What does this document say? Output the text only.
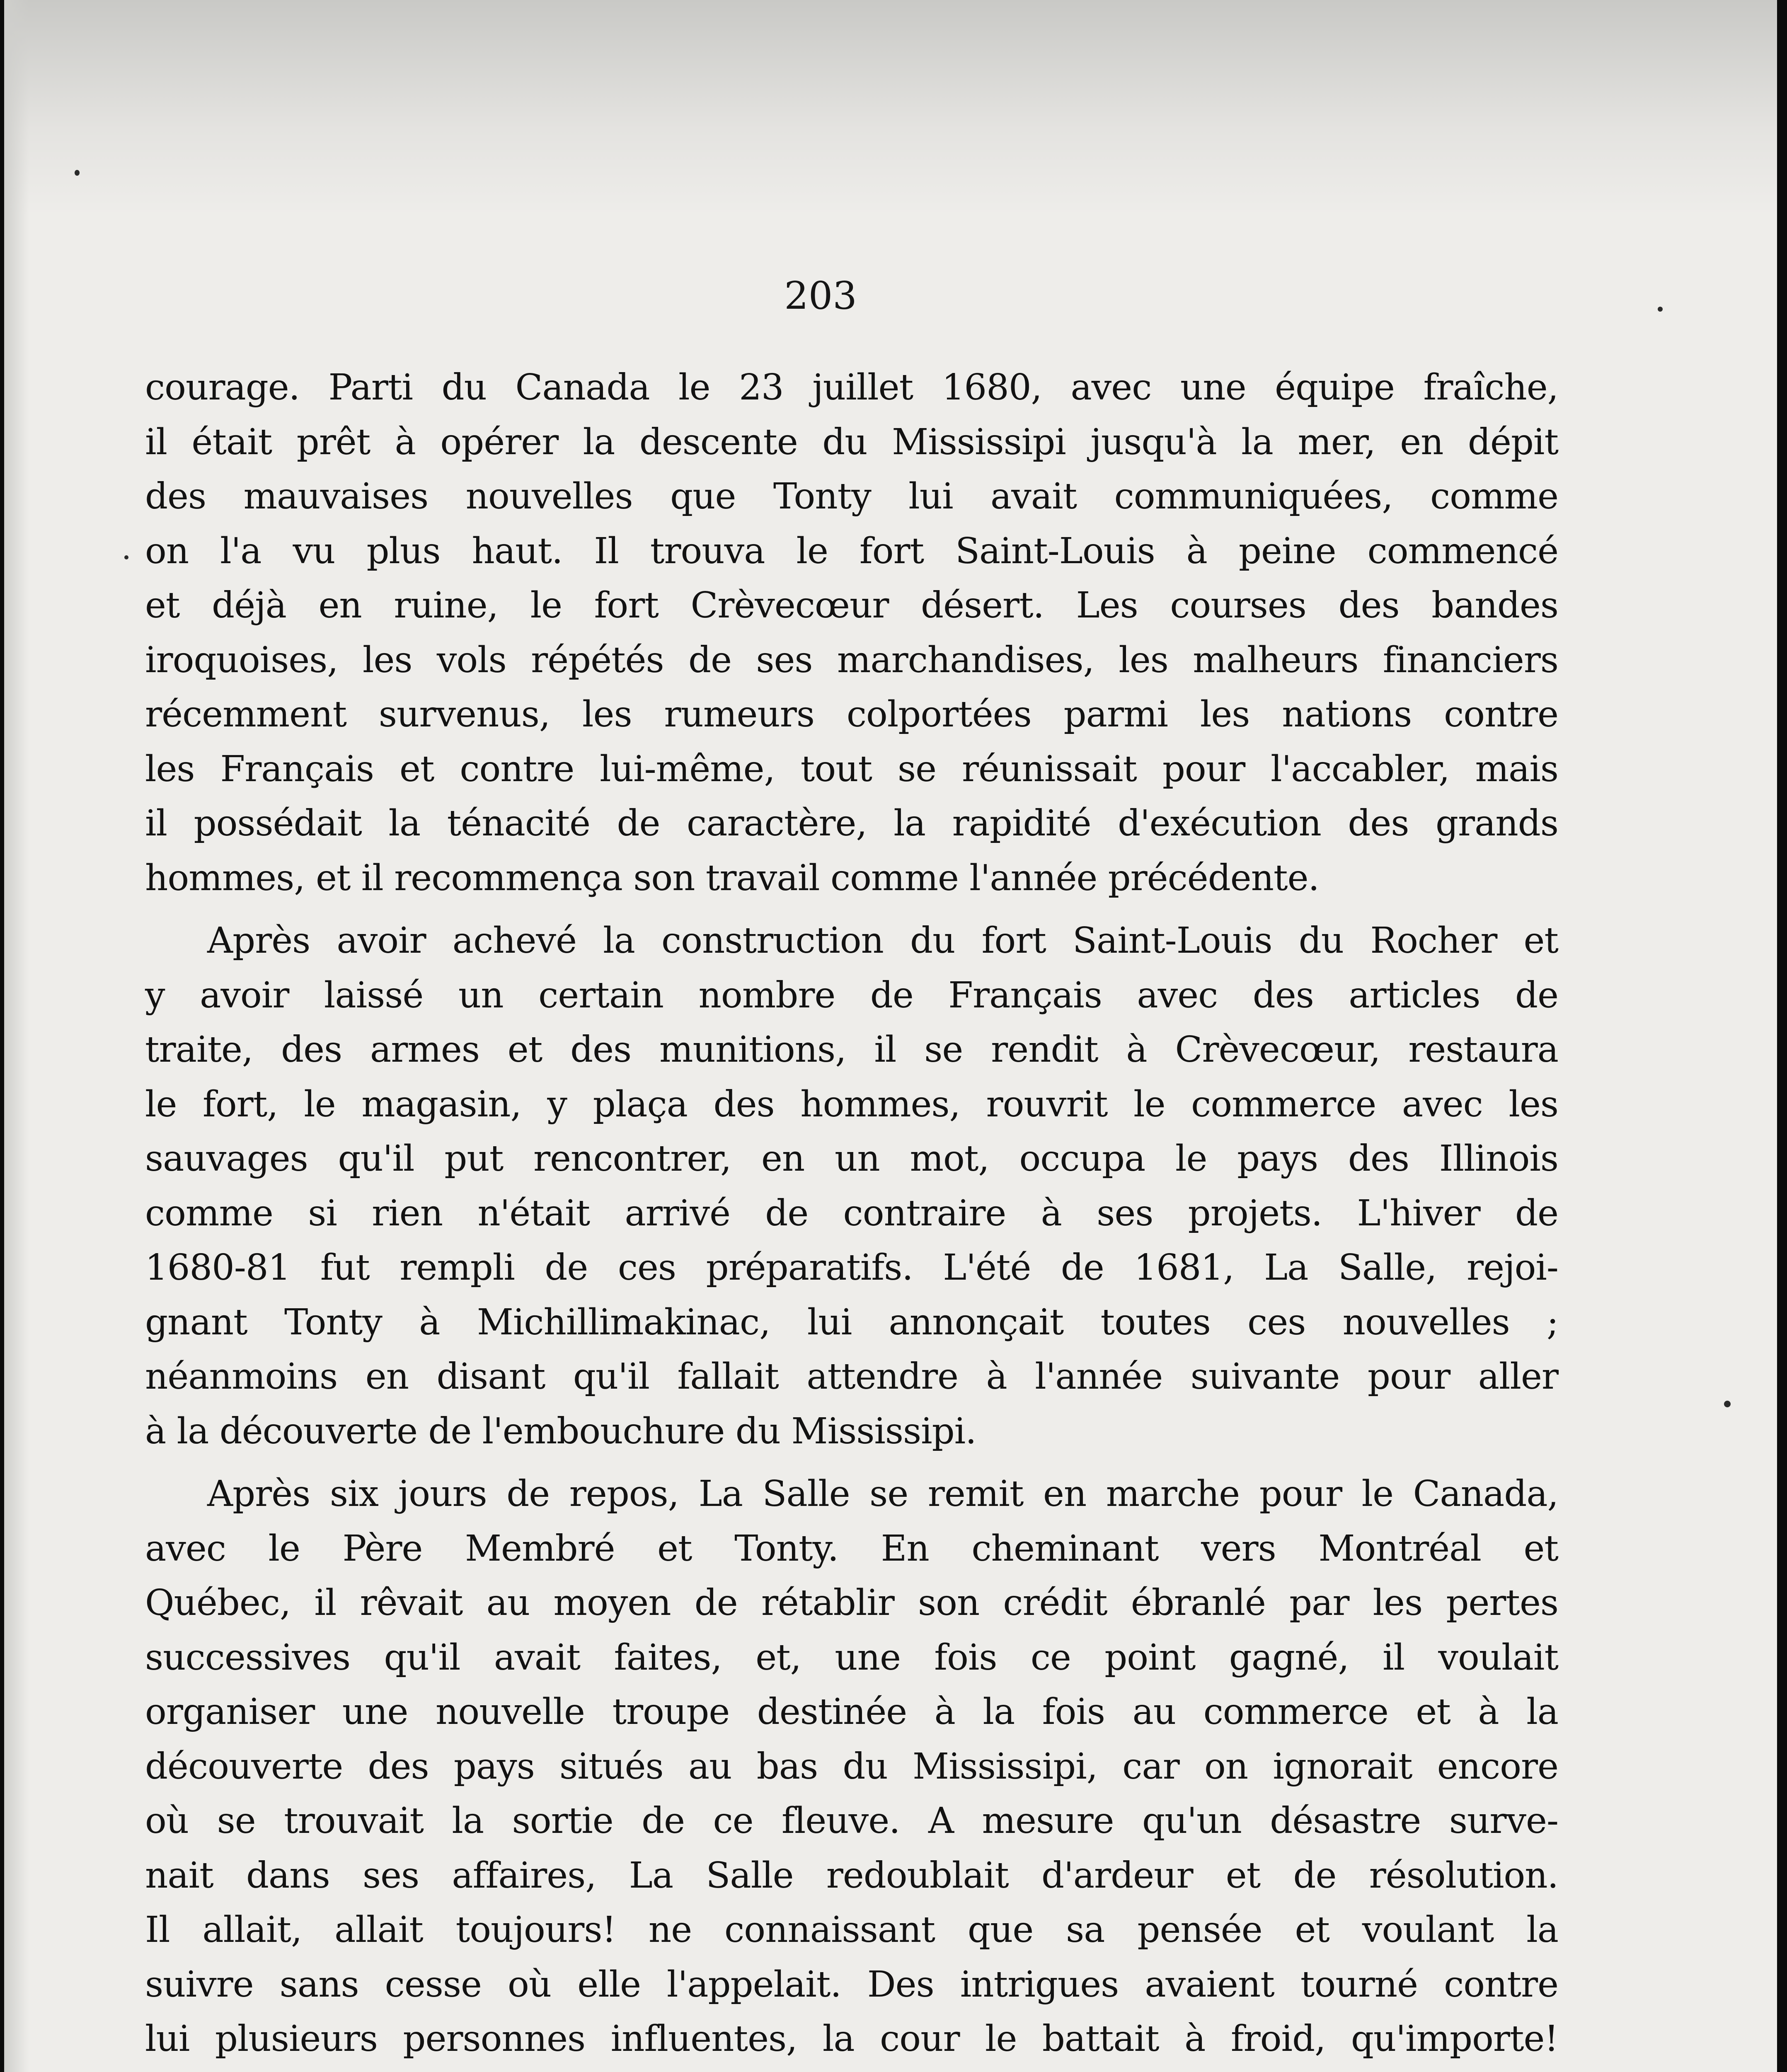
203
courage. Parti du Canada le 23 juillet 1680, avec une équipe fraîche,
il était prêt à opérer la descente du Mississipi jusqu'à la mer, en dépit
des mauvaises nouvelles que Tonty lui avait communiquées, comme
on l'a vu plus haut. Il trouva le fort Saint-Louis à peine commencé
et déjà en ruine, le fort Crèvecœur désert. Les courses des bandes
iroquoises, les vols répétés de ses marchandises, les malheurs financiers
récemment survenus, les rumeurs colportées parmi les nations contre
les Français et contre lui-même, tout se réunissait pour l'accabler, mais
il possédait la ténacité de caractère, la rapidité d'exécution des grands
hommes, et il recommença son travail comme l'année précédente.
Après avoir achevé la construction du fort Saint-Louis du Rocher et
y avoir laissé un certain nombre de Français avec des articles de
traite, des armes et des munitions, il se rendit à Crèvecœur, restaura
le fort, le magasin, y plaça des hommes, rouvrit le commerce avec les
sauvages qu'il put rencontrer, en un mot, occupa le pays des Illinois
comme si rien n'était arrivé de contraire à ses projets. L'hiver de
1680-81 fut rempli de ces préparatifs. L'été de 1681, La Salle, rejoi-
gnant Tonty à Michillimakinac, lui annonçait toutes ces nouvelles ;
néanmoins en disant qu'il fallait attendre à l'année suivante pour aller
à la découverte de l'embouchure du Mississipi.
Après six jours de repos, La Salle se remit en marche pour le Canada,
avec le Père Membré et Tonty. En cheminant vers Montréal et
Québec, il rêvait au moyen de rétablir son crédit ébranlé par les pertes
successives qu'il avait faites, et, une fois ce point gagné, il voulait
organiser une nouvelle troupe destinée à la fois au commerce et à la
découverte des pays situés au bas du Mississipi, car on ignorait encore
où se trouvait la sortie de ce fleuve. A mesure qu'un désastre surve-
nait dans ses affaires, La Salle redoublait d'ardeur et de résolution.
Il allait, allait toujours! ne connaissant que sa pensée et voulant la
suivre sans cesse où elle l'appelait. Des intrigues avaient tourné contre
lui plusieurs personnes influentes, la cour le battait à froid, qu'importe!
